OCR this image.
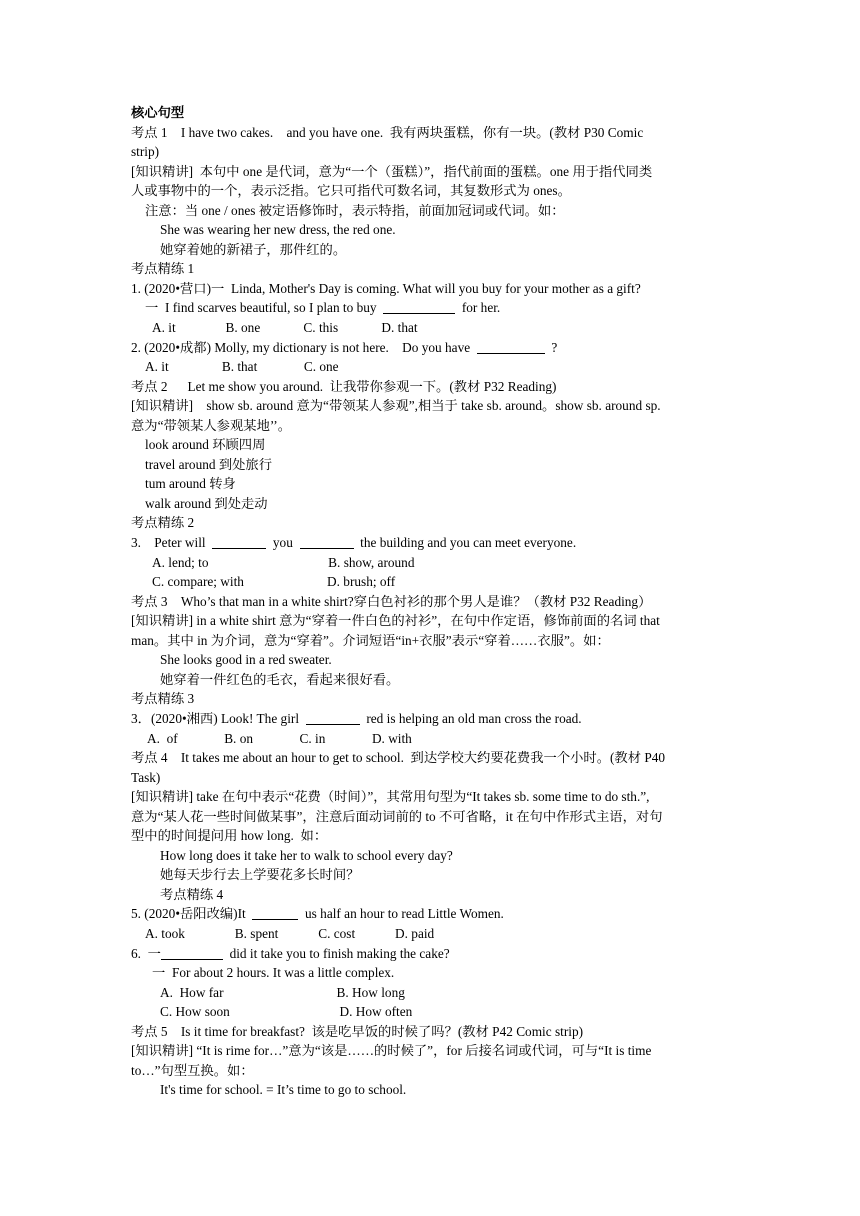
核心句型
考点 1    I have two cakes.    and you have one.  我有两块蛋糕，你有一块。(教材 P30 Comic
strip)
[知识精讲]  本句中 one 是代词，意为“一个（蛋糕）”，指代前面的蛋糕。one 用于指代同类
人或事物中的一个，表示泛指。它只可指代可数名词，其复数形式为 ones。
注意：当 one / ones 被定语修饰时，表示特指，前面加冠词或代词。如：
She was wearing her new dress, the red one.
她穿着她的新裙子，那件红的。
考点精练 1
1. (2020•营口)一  Linda, Mother's Day is coming. What will you buy for your mother as a gift?
一  I find scarves beautiful, so I plan to buy	for her.
A. it               B. one             C. this             D. that
2. (2020•成都) Molly, my dictionary is not here.    Do you have	?
A. it                B. that              C. one
考点 2      Let me show you around.  让我带你参观一下。(教材 P32 Reading)
[知识精讲]    show sb. around 意为“带领某人参观”,相当于 take sb. around。show sb. around sp.
意为“带领某人参观某地’’。
look around 环顾四周
travel around 到处旅行
tum around 转身
walk around 到处走动
考点精练 2
3.    Peter will	you	the building and you can meet everyone.
A. lend; to                                    B. show, around
C. compare; with                         D. brush; off
考点 3    Who’s that man in a white shirt?穿白色衬衫的那个男人是谁？（教材 P32 Reading）
[知识精讲] in a white shirt 意为“穿着一件白色的衬衫”，在句中作定语，修饰前面的名词 that
man。其中 in 为介词，意为“穿着”。介词短语“in+衣服”表示“穿着……衣服”。如：
She looks good in a red sweater.
她穿着一件红色的毛衣，看起来很好看。
考点精练 3
3．(2020•湘西) Look! The girl	red is helping an old man cross the road.
A.  of              B. on              C. in              D. with
考点 4    It takes me about an hour to get to school.  到达学校大约要花费我一个小时。(教材 P40
Task)
[知识精讲] take 在句中表示“花费（时间）”，其常用句型为“It takes sb. some time to do sth.”,
意为“某人花一些时间做某事”，注意后面动词前的 to 不可省略，it 在句中作形式主语，对句
型中的时间提问用 how long.  如：
How long does it take her to walk to school every day?
她每天步行去上学要花多长时间？
考点精练 4
5. (2020•岳阳改编)It	us half an hour to read Little Women.
A. took               B. spent            C. cost            D. paid
6.  一	did it take you to finish making the cake?
一  For about 2 hours. It was a little complex.
A.  How far                                  B. How long
C. How soon                                 D. How often
考点 5    Is it time for breakfast?  该是吃早饭的时候了吗？(教材 P42 Comic strip)
[知识精讲] “It is rime for…”意为“该是……的时候了”，for 后接名词或代词，可与“It is time
to…”句型互换。如：
It's time for school. = It’s time to go to school.
